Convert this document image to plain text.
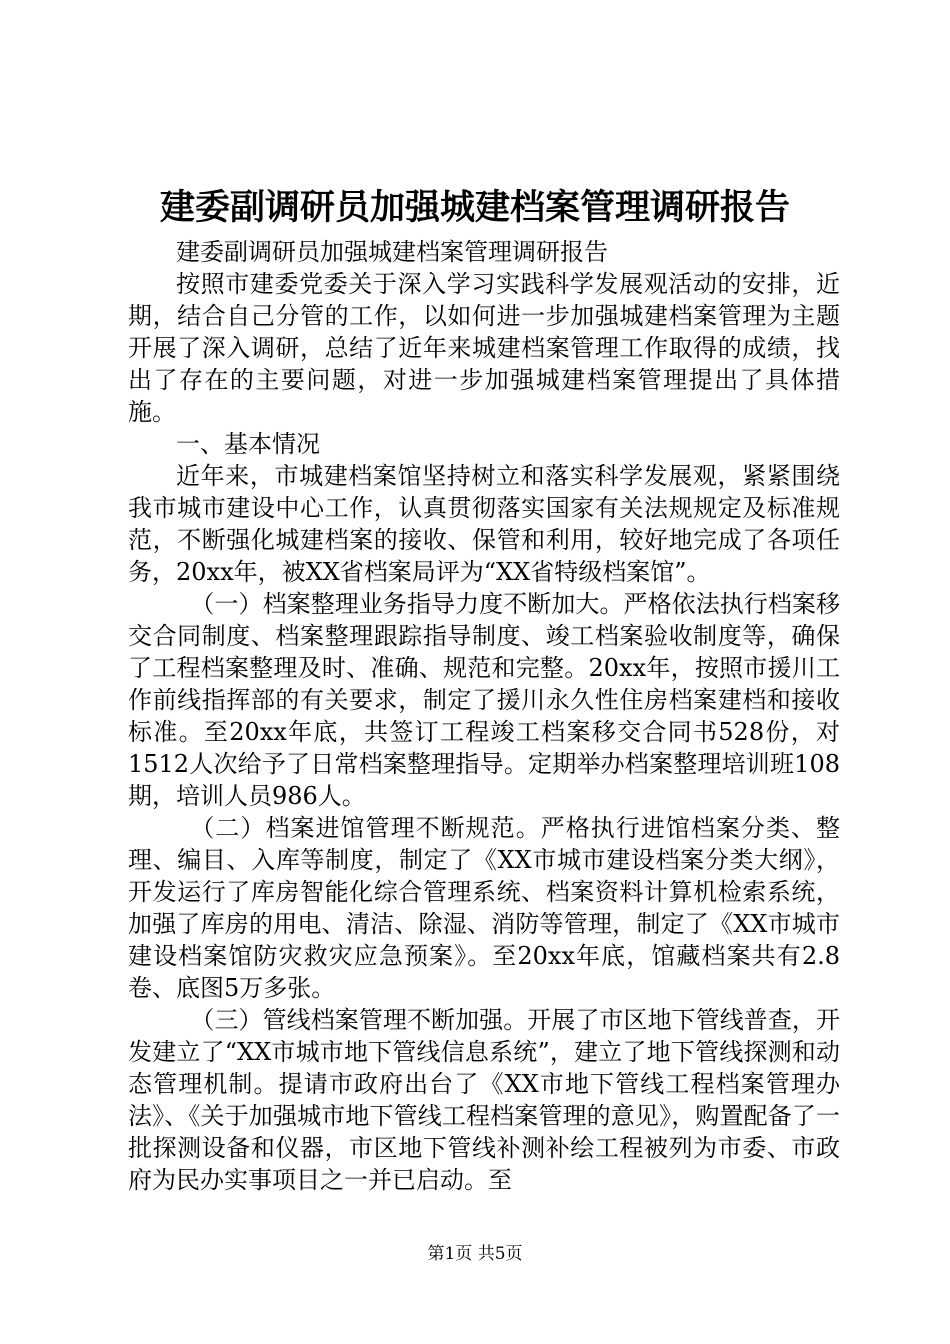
建委副调研员加强城建档案管理调研报告

建委副调研员加强城建档案管理调研报告

按照市建委党委关于深入学习实践科学发展观活动的安排，近期，结合自己分管的工作，以如何进一步加强城建档案管理为主题开展了深入调研，总结了近年来城建档案管理工作取得的成绩，找出了存在的主要问题，对进一步加强城建档案管理提出了具体措施。

一、基本情况

近年来，市城建档案馆坚持树立和落实科学发展观，紧紧围绕我市城市建设中心工作，认真贯彻落实国家有关法规规定及标准规范，不断强化城建档案的接收、保管和利用，较好地完成了各项任务，20xx年，被XX省档案局评为“XX省特级档案馆”。

（一）档案整理业务指导力度不断加大。严格依法执行档案移交合同制度、档案整理跟踪指导制度、竣工档案验收制度等，确保了工程档案整理及时、准确、规范和完整。20xx年，按照市援川工作前线指挥部的有关要求，制定了援川永久性住房档案建档和接收标准。至20xx年底，共签订工程竣工档案移交合同书528份，对1512人次给予了日常档案整理指导。定期举办档案整理培训班108期，培训人员986人。

（二）档案进馆管理不断规范。严格执行进馆档案分类、整理、编目、入库等制度，制定了《XX市城市建设档案分类大纲》，开发运行了库房智能化综合管理系统、档案资料计算机检索系统，加强了库房的用电、清洁、除湿、消防等管理，制定了《XX市城市建设档案馆防灾救灾应急预案》。至20xx年底，馆藏档案共有2.8卷、底图5万多张。

（三）管线档案管理不断加强。开展了市区地下管线普查，开发建立了“XX市城市地下管线信息系统”，建立了地下管线探测和动态管理机制。提请市政府出台了《XX市地下管线工程档案管理办法》、《关于加强城市地下管线工程档案管理的意见》，购置配备了一批探测设备和仪器，市区地下管线补测补绘工程被列为市委、市政府为民办实事项目之一并已启动。至

第1页 共5页
